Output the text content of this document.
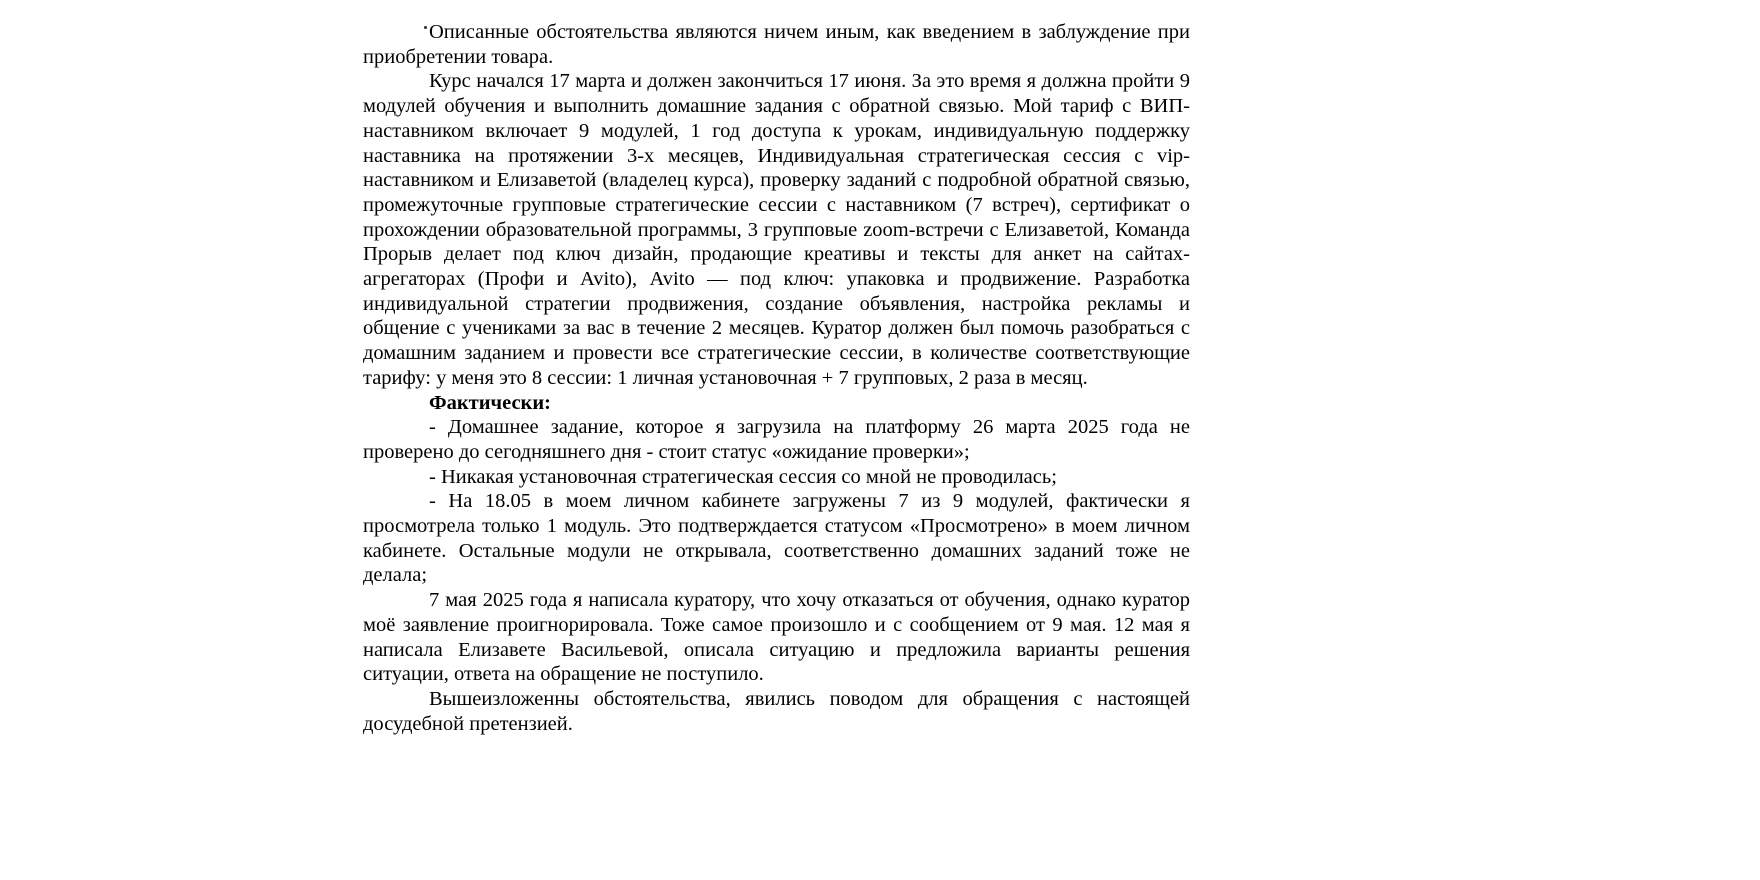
Описанные обстоятельства являются ничем иным, как введением в заблуждение при приобретении товара.

Курс начался 17 марта и должен закончиться 17 июня. За это время я должна пройти 9 модулей обучения и выполнить домашние задания с обратной связью. Мой тариф с ВИП-наставником включает 9 модулей, 1 год доступа к урокам, индивидуальную поддержку наставника на протяжении 3-х месяцев, Индивидуальная стратегическая сессия с vip-наставником и Елизаветой (владелец курса), проверку заданий с подробной обратной связью, промежуточные групповые стратегические сессии с наставником (7 встреч), сертификат о прохождении образовательной программы, 3 групповые zoom-встречи с Елизаветой, Команда Прорыв делает под ключ дизайн, продающие креативы и тексты для анкет на сайтах-агрегаторах (Профи и Avito), Avito — под ключ: упаковка и продвижение. Разработка индивидуальной стратегии продвижения, создание объявления, настройка рекламы и общение с учениками за вас в течение 2 месяцев. Куратор должен был помочь разобраться с домашним заданием и провести все стратегические сессии, в количестве соответствующие тарифу: у меня это 8 сессии: 1 личная установочная + 7 групповых, 2 раза в месяц.

Фактически:

- Домашнее задание, которое я загрузила на платформу 26 марта 2025 года не проверено до сегодняшнего дня - стоит статус «ожидание проверки»;

- Никакая установочная стратегическая сессия со мной не проводилась;

- На 18.05 в моем личном кабинете загружены 7 из 9 модулей, фактически я просмотрела только 1 модуль. Это подтверждается статусом «Просмотрено» в моем личном кабинете. Остальные модули не открывала, соответственно домашних заданий тоже не делала;

7 мая 2025 года я написала куратору, что хочу отказаться от обучения, однако куратор моё заявление проигнорировала. Тоже самое произошло и с сообщением от 9 мая. 12 мая я написала Елизавете Васильевой, описала ситуацию и предложила варианты решения ситуации, ответа на обращение не поступило.

Вышеизложенны обстоятельства, явились поводом для обращения с настоящей досудебной претензией.
